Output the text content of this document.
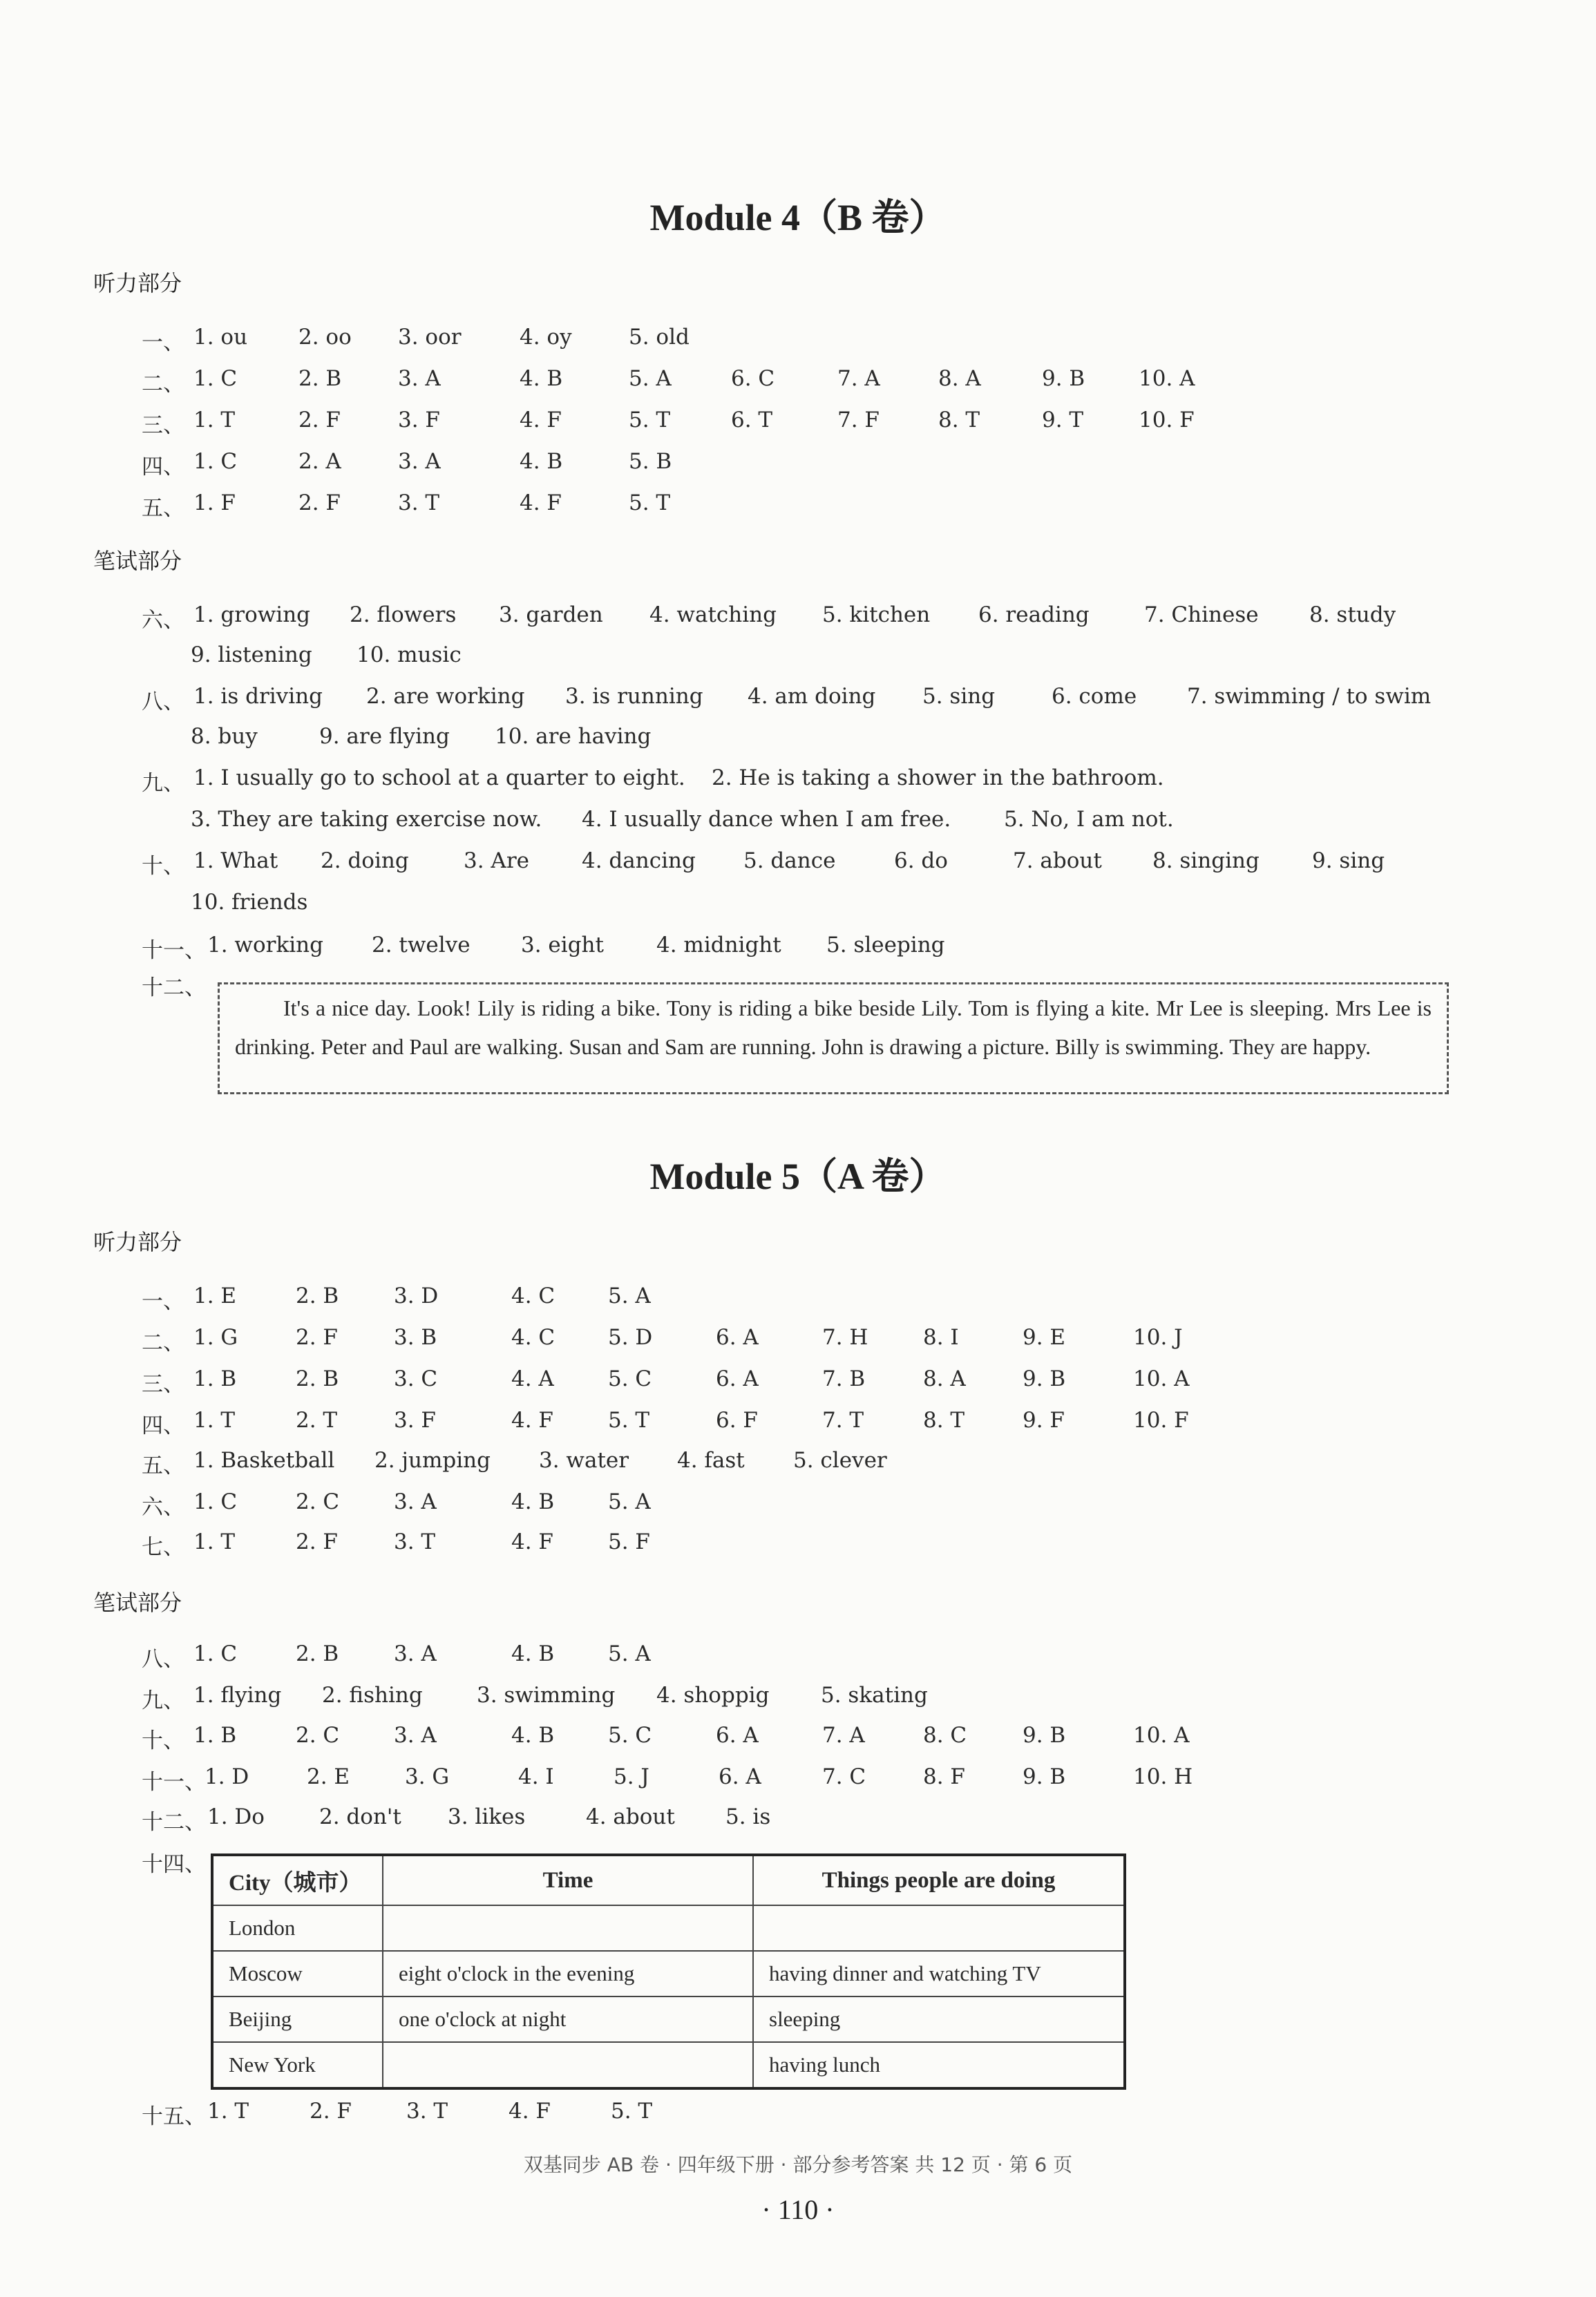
Module 4（B 卷）
听力部分
笔试部分
一、 1. ou 2. oo 3. oor	4. oy	5. old
二、 1. C	2. B	3. A	4. B	5. A	6. C	7. A	8. A	9. B	10. A
三、 1. T	2. F	3. F	4. F	5. T	6. T	7. F	8. T	9. T	10. F
四、 1. C	2. A	3. A	4. B	5. B
五、 1. F	2. F	3. T	4. F	5. T
六、 1. growing 2. flowers 3. garden 4. watching 5. kitchen 6. reading	7. Chinese 8. study
9. listening 10. music
八、 1. is driving 2. are working 3. is running 4. am doing 5. sing	6. come 7. swimming / to swim
8. buy	9. are flying 10. are having
九、 1. I usually go to school at a quarter to eight. 2. He is taking a shower in the bathroom.
3. They are taking exercise now. 4. I usually dance when I am free. 5. No, I am not.
十、 1. What 2. doing	3. Are 4. dancing 5. dance	6. do	7. about 8. singing 9. sing
10. friends
十一、 1. working 2. twelve 3. eight 4. midnight 5. sleeping
十二、
It's a nice day. Look! Lily is riding a bike. Tony is riding a bike beside Lily. Tom is flying a kite. Mr Lee is sleeping. Mrs Lee is drinking. Peter and Paul are walking. Susan and Sam are running. John is drawing a picture. Billy is swimming. They are happy.
Module 5（A 卷）
听力部分
笔试部分
一、 1. E	2. B	3. D	4. C 5. A
二、 1. G	2. F	3. B	4. C 5. D	6. A	7. H	8. I	9. E	10. J
三、 1. B	2. B	3. C	4. A	5. C	6. A	7. B	8. A	9. B	10. A
四、 1. T	2. T	3. F	4. F	5. T	6. F	7. T	8. T	9. F	10. F
五、 1. Basketball 2. jumping 3. water 4. fast 5. clever
六、 1. C	2. C	3. A	4. B	5. A
七、 1. T	2. F	3. T	4. F	5. F
八、 1. C	2. B	3. A	4. B	5. A
九、 1. flying 2. fishing	3. swimming 4. shoppig 5. skating
十、 1. B	2. C	3. A	4. B	5. C	6. A	7. A	8. C	9. B	10. A
十一、
1. D	2. E	3. G	4. I	5. J	6. A	7. C	8. F	9. B	10. H
十二、 1. Do	2. don't 3. likes	4. about 5. is
十四、
十五、 1. T	2. F	3. T	4. F	5. T
City（城市）	Time	Things people are doing
London		
Moscow	eight o'clock in the evening	having dinner and watching TV
Beijing	one o'clock at night	sleeping
New York		having lunch
双基同步 AB 卷 · 四年级下册 · 部分参考答案 共 12 页 · 第 6 页
· 110 ·
